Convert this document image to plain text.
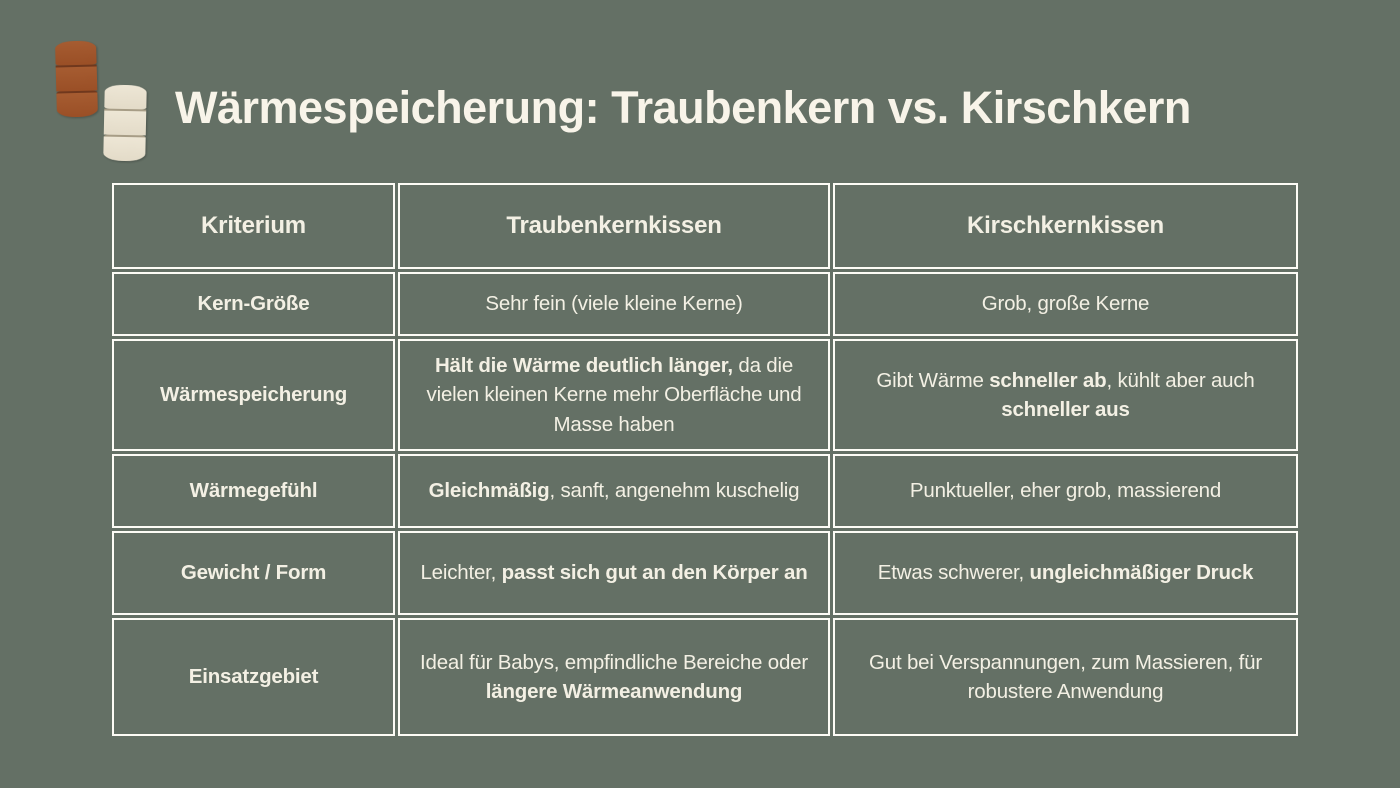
Wärmespeicherung: Traubenkern vs. Kirschkern
Kriterium	Traubenkernkissen	Kirschkernkissen
Kern-Größe	Sehr fein (viele kleine Kerne)	Grob, große Kerne
Wärmespeicherung	Hält die Wärme deutlich länger, da die vielen kleinen Kerne mehr Oberfläche und Masse haben	Gibt Wärme schneller ab, kühlt aber auch schneller aus
Wärmegefühl	Gleichmäßig, sanft, angenehm kuschelig	Punktueller, eher grob, massierend
Gewicht / Form	Leichter, passt sich gut an den Körper an	Etwas schwerer, ungleichmäßiger Druck
Einsatzgebiet	Ideal für Babys, empfindliche Bereiche oder längere Wärmeanwendung	Gut bei Verspannungen, zum Massieren, für robustere Anwendung
